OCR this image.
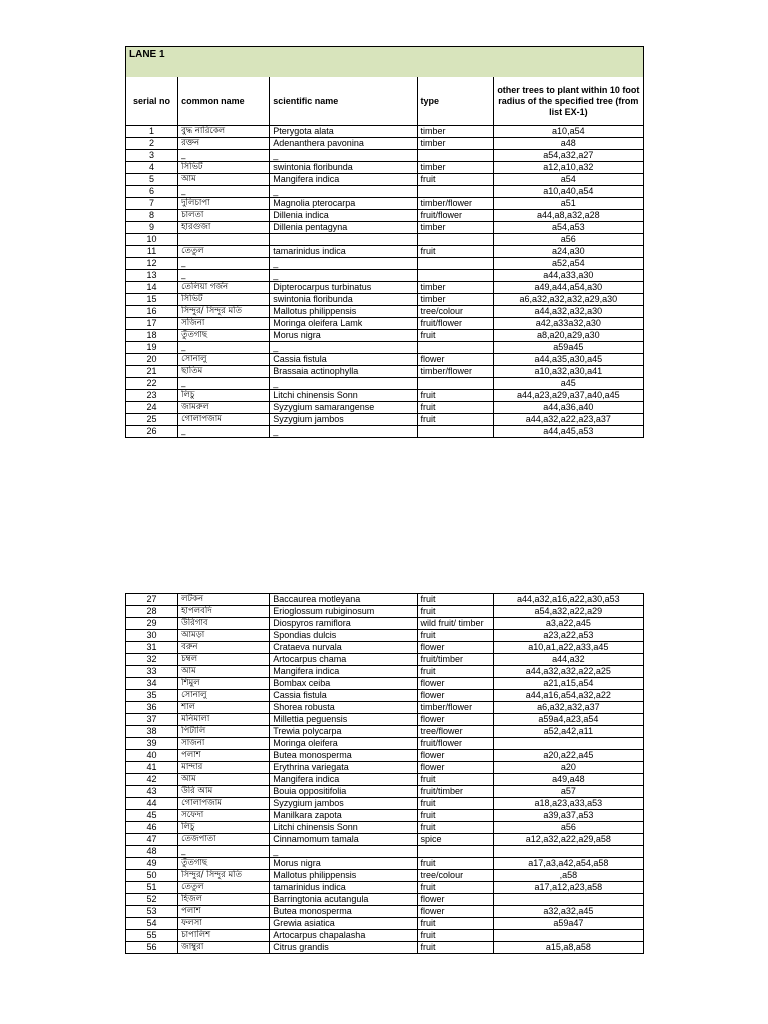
LANE 1				
serial no	common name	scientific name	type	other trees to plant within 10 foot radius of the specified tree (from list EX-1)
1	বুদ্ধ নারিকেল	Pterygota alata	timber	a10,a54
2	রক্তন	Adenanthera pavonina	timber	a48
3	_	_		a54,a32,a27
4	সিভিট	swintonia floribunda	timber	a12,a10,a32
5	আম	Mangifera indica	fruit	a54
6	_	_		a10,a40,a54
7	দুলিচাপা	Magnolia pterocarpa	timber/flower	a51
8	চালতা	Dillenia indica	fruit/flower	a44,a8,a32,a28
9	হারগুজা	Dillenia pentagyna	timber	a54,a53
10				a56
11	তেতুল	tamarinidus indica	fruit	a24,a30
12	_	_		a52,a54
13	_	_		a44,a33,a30
14	তেলিয়া গর্জন	Dipterocarpus turbinatus	timber	a49,a44,a54,a30
15	সিভিট	swintonia floribunda	timber	a6,a32,a32,a32,a29,a30
16	সিন্দুর/ সিন্দুর মতি	Mallotus philippensis	tree/colour	a44,a32,a32,a30
17	সজিনা	Moringa oleifera Lamk	fruit/flower	a42,a33a32,a30
18	তুঁতগাছ	Morus nigra	fruit	a8,a20,a29,a30
19	_	_		a59a45
20	সোনালু	Cassia fistula	flower	a44,a35,a30,a45
21	ছাতিম	Brassaia actinophylla	timber/flower	a10,a32,a30,a41
22	_	_		a45
23	লিচু	Litchi chinensis Sonn	fruit	a44,a23,a29,a37,a40,a45
24	জামরুল	Syzygium samarangense	fruit	a44,a36,a40
25	গোলাপজাম	Syzygium jambos	fruit	a44,a32,a22,a23,a37
26	_	_		a44,a45,a53
27	লটকন	Baccaurea motleyana	fruit	a44,a32,a16,a22,a30,a53
28	হাপলবদি	Erioglossum rubiginosum	fruit	a54,a32,a22,a29
29	উরিগাব	Diospyros ramiflora	wild fruit/ timber	a3,a22,a45
30	আমড়া	Spondias dulcis	fruit	a23,a22,a53
31	বরুন	Crataeva nurvala	flower	a10,a1,a22,a33,a45
32	চম্বল	Artocarpus chama	fruit/timber	a44,a32
33	আম	Mangifera indica	fruit	a44,a32,a32,a22,a25
34	শিমুল	Bombax ceiba	flower	a21,a15,a54
35	সোনালু	Cassia fistula	flower	a44,a16,a54,a32,a22
36	শাল	Shorea robusta	timber/flower	a6,a32,a32,a37
37	মনিমালা	Millettia peguensis	flower	a59a4,a23,a54
38	পিটালি	Trewia polycarpa	tree/flower	a52,a42,a11
39	সাজনা	Moringa oleifera	fruit/flower	
40	পলাশ	Butea monosperma	flower	a20,a22,a45
41	মান্দার	Erythrina variegata	flower	a20
42	আম	Mangifera indica	fruit	a49,a48
43	উরি আম	Bouia oppositifolia	fruit/timber	a57
44	গোলাপজাম	Syzygium jambos	fruit	a18,a23,a33,a53
45	সফেদা	Manilkara zapota	fruit	a39,a37,a53
46	লিচু	Litchi chinensis Sonn	fruit	a56
47	তেজপাতা	Cinnamomum tamala	spice	a12,a32,a22,a29,a58
48	_	_		
49	তুঁতগাছ	Morus nigra	fruit	a17,a3,a42,a54,a58
50	সিন্দুর/ সিন্দুর মতি	Mallotus philippensis	tree/colour	,a58
51	তেতুল	tamarinidus indica	fruit	a17,a12,a23,a58
52	হিজল	Barringtonia acutangula	flower	
53	পলাশ	Butea monosperma	flower	a32,a32,a45
54	ফলসা	Grewia asiatica	fruit	a59a47
55	চাপালিশ	Artocarpus chapalasha	fruit	
56	জাম্বুরা	Citrus grandis	fruit	a15,a8,a58
